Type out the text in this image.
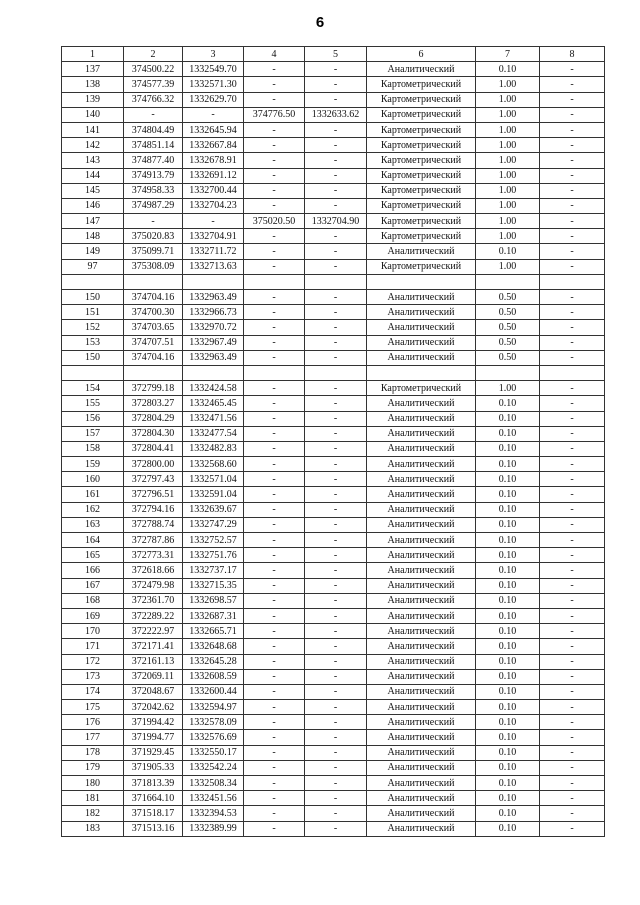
6
1	2	3	4	5	6	7	8
137	374500.22	1332549.70	-	-	Аналитический	0.10	-
138	374577.39	1332571.30	-	-	Картометрический	1.00	-
139	374766.32	1332629.70	-	-	Картометрический	1.00	-
140	-	-	374776.50	1332633.62	Картометрический	1.00	-
141	374804.49	1332645.94	-	-	Картометрический	1.00	-
142	374851.14	1332667.84	-	-	Картометрический	1.00	-
143	374877.40	1332678.91	-	-	Картометрический	1.00	-
144	374913.79	1332691.12	-	-	Картометрический	1.00	-
145	374958.33	1332700.44	-	-	Картометрический	1.00	-
146	374987.29	1332704.23	-	-	Картометрический	1.00	-
147	-	-	375020.50	1332704.90	Картометрический	1.00	-
148	375020.83	1332704.91	-	-	Картометрический	1.00	-
149	375099.71	1332711.72	-	-	Аналитический	0.10	-
97	375308.09	1332713.63	-	-	Картометрический	1.00	-

150	374704.16	1332963.49	-	-	Аналитический	0.50	-
151	374700.30	1332966.73	-	-	Аналитический	0.50	-
152	374703.65	1332970.72	-	-	Аналитический	0.50	-
153	374707.51	1332967.49	-	-	Аналитический	0.50	-
150	374704.16	1332963.49	-	-	Аналитический	0.50	-

154	372799.18	1332424.58	-	-	Картометрический	1.00	-
155	372803.27	1332465.45	-	-	Аналитический	0.10	-
156	372804.29	1332471.56	-	-	Аналитический	0.10	-
157	372804.30	1332477.54	-	-	Аналитический	0.10	-
158	372804.41	1332482.83	-	-	Аналитический	0.10	-
159	372800.00	1332568.60	-	-	Аналитический	0.10	-
160	372797.43	1332571.04	-	-	Аналитический	0.10	-
161	372796.51	1332591.04	-	-	Аналитический	0.10	-
162	372794.16	1332639.67	-	-	Аналитический	0.10	-
163	372788.74	1332747.29	-	-	Аналитический	0.10	-
164	372787.86	1332752.57	-	-	Аналитический	0.10	-
165	372773.31	1332751.76	-	-	Аналитический	0.10	-
166	372618.66	1332737.17	-	-	Аналитический	0.10	-
167	372479.98	1332715.35	-	-	Аналитический	0.10	-
168	372361.70	1332698.57	-	-	Аналитический	0.10	-
169	372289.22	1332687.31	-	-	Аналитический	0.10	-
170	372222.97	1332665.71	-	-	Аналитический	0.10	-
171	372171.41	1332648.68	-	-	Аналитический	0.10	-
172	372161.13	1332645.28	-	-	Аналитический	0.10	-
173	372069.11	1332608.59	-	-	Аналитический	0.10	-
174	372048.67	1332600.44	-	-	Аналитический	0.10	-
175	372042.62	1332594.97	-	-	Аналитический	0.10	-
176	371994.42	1332578.09	-	-	Аналитический	0.10	-
177	371994.77	1332576.69	-	-	Аналитический	0.10	-
178	371929.45	1332550.17	-	-	Аналитический	0.10	-
179	371905.33	1332542.24	-	-	Аналитический	0.10	-
180	371813.39	1332508.34	-	-	Аналитический	0.10	-
181	371664.10	1332451.56	-	-	Аналитический	0.10	-
182	371518.17	1332394.53	-	-	Аналитический	0.10	-
183	371513.16	1332389.99	-	-	Аналитический	0.10	-
